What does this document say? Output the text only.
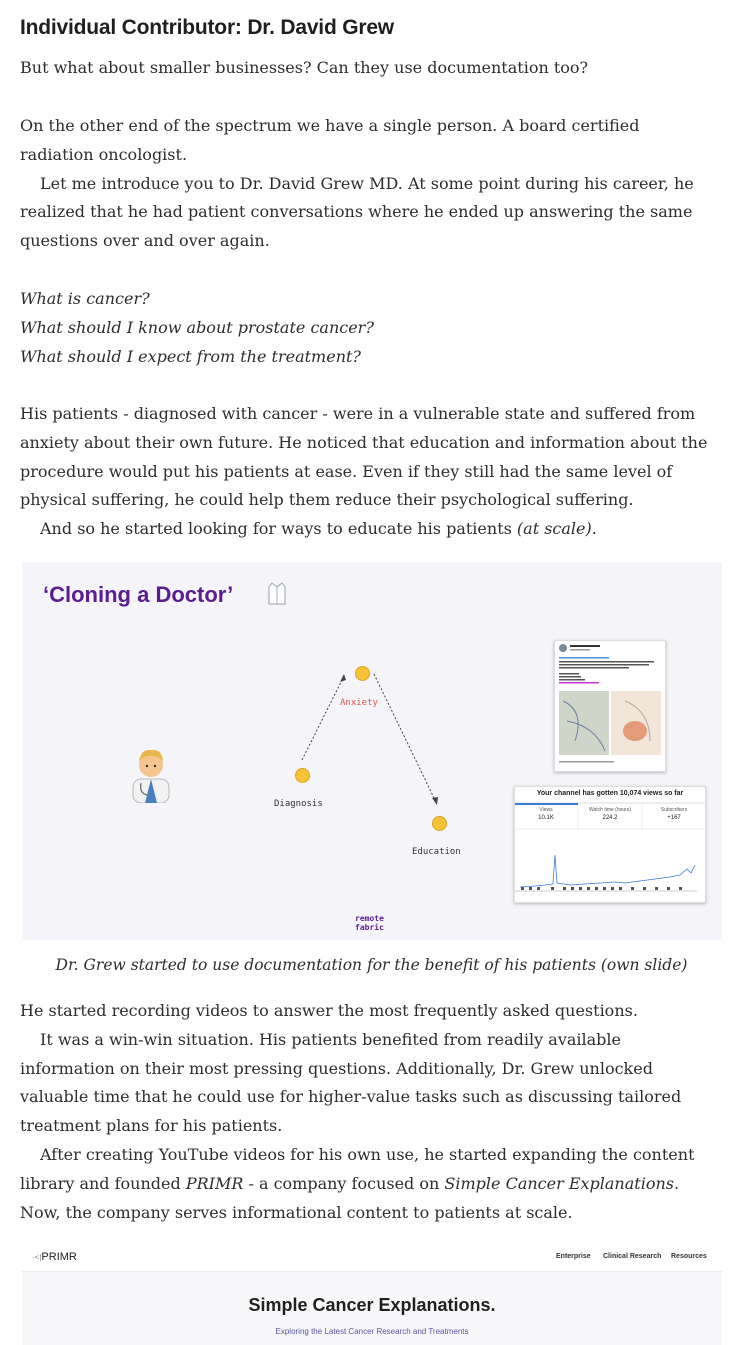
Individual Contributor: Dr. David Grew

But what about smaller businesses? Can they use documentation too?

On the other end of the spectrum we have a single person. A board certified radiation oncologist.
Let me introduce you to Dr. David Grew MD. At some point during his career, he realized that he had patient conversations where he ended up answering the same questions over and over again.
What is cancer?
What should I know about prostate cancer?
What should I expect from the treatment?
His patients - diagnosed with cancer - were in a vulnerable state and suffered from anxiety about their own future. He noticed that education and information about the procedure would put his patients at ease. Even if they still had the same level of physical suffering, he could help them reduce their psychological suffering.
And so he started looking for ways to educate his patients (at scale).
‘Cloning a Doctor’
Anxiety
Diagnosis
Education
remote
fabric
Your channel has gotten 10,074 views so far
Views
10.1K
Watch time (hours)
224.2
Subscribers
+167
Dr. Grew started to use documentation for the benefit of his patients (own slide)
He started recording videos to answer the most frequently asked questions.
It was a win-win situation. His patients benefited from readily available information on their most pressing questions. Additionally, Dr. Grew unlocked valuable time that he could use for higher-value tasks such as discussing tailored treatment plans for his patients.
After creating YouTube videos for his own use, he started expanding the content library and founded PRIMR - a company focused on Simple Cancer Explanations. Now, the company serves informational content to patients at scale.
·<|PRIMR	Enterprise Clinical Research Resources
Simple Cancer Explanations.
Exploring the Latest Cancer Research and Treatments
